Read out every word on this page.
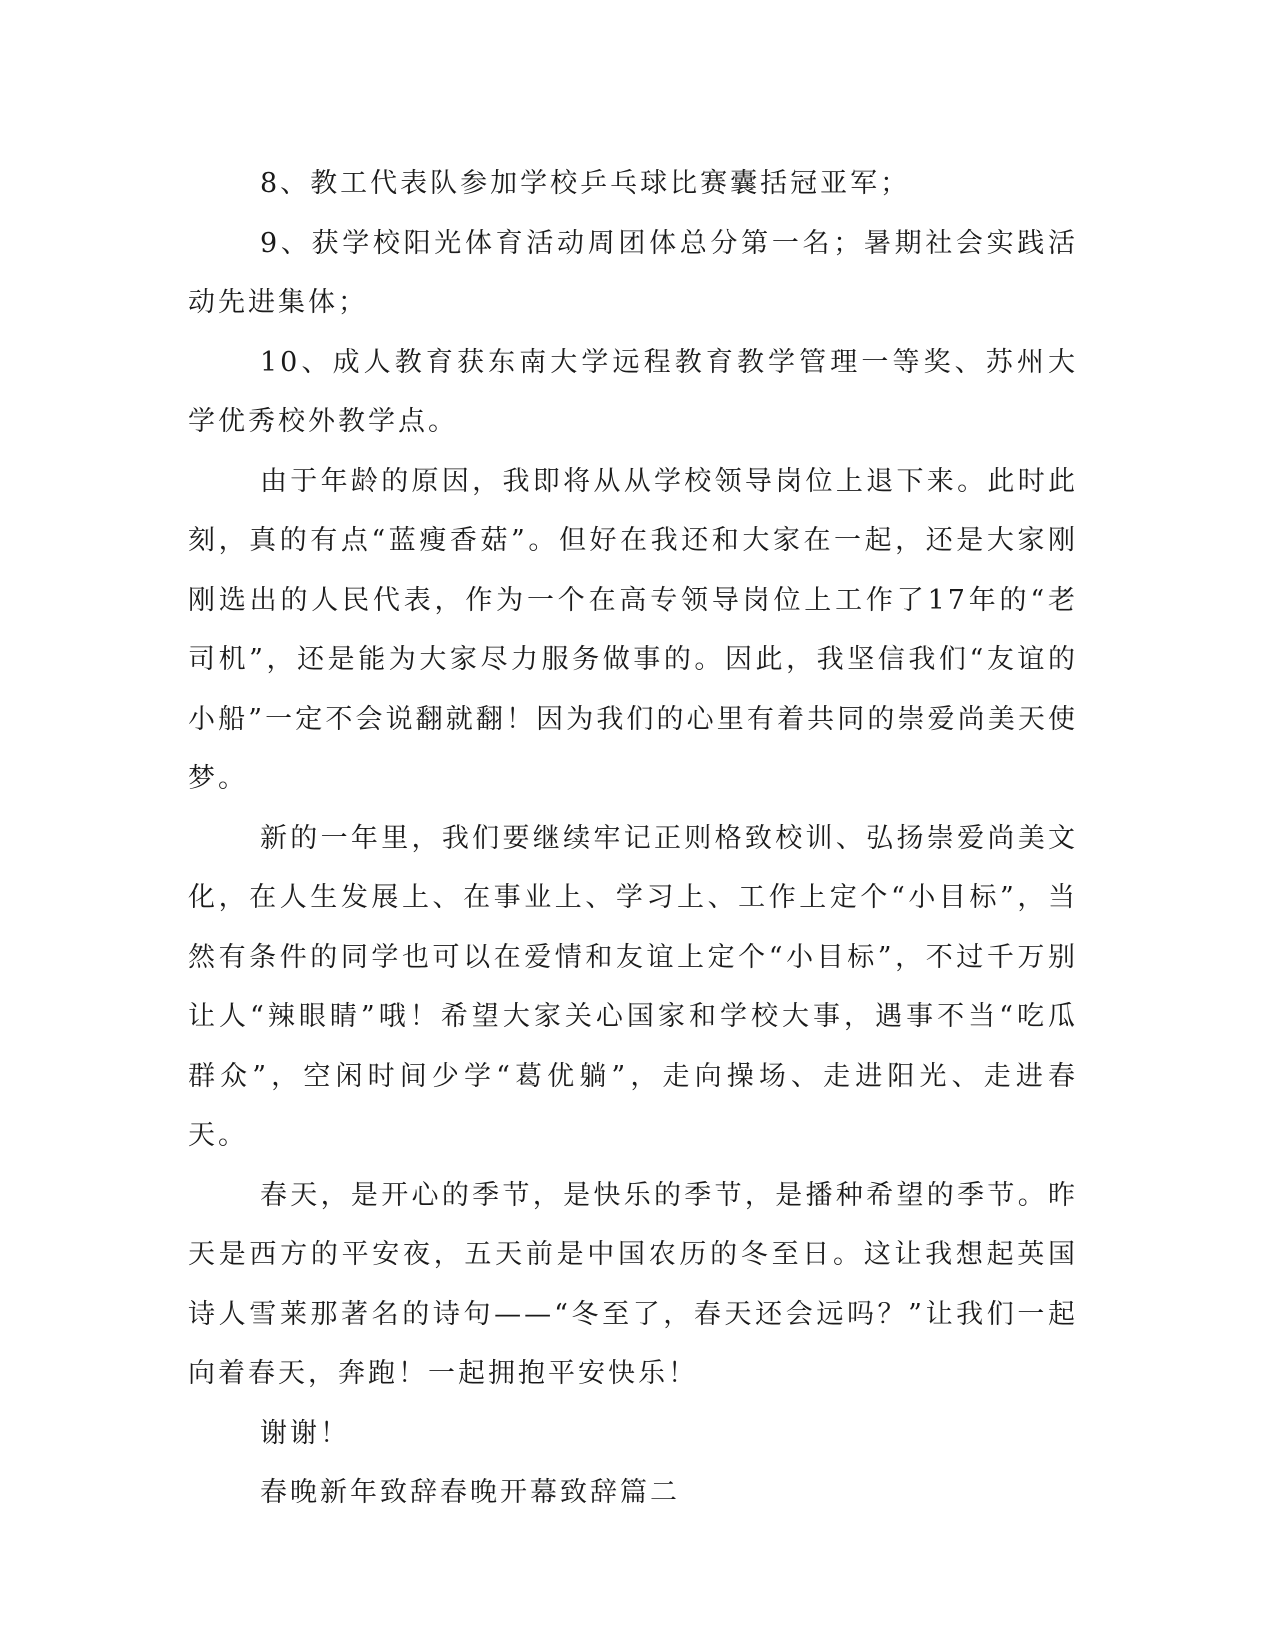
8、教工代表队参加学校乒乓球比赛囊括冠亚军；

9、获学校阳光体育活动周团体总分第一名；暑期社会实践活动先进集体；

10、成人教育获东南大学远程教育教学管理一等奖、苏州大学优秀校外教学点。

由于年龄的原因，我即将从从学校领导岗位上退下来。此时此刻，真的有点“蓝瘦香菇”。但好在我还和大家在一起，还是大家刚刚选出的人民代表，作为一个在高专领导岗位上工作了17年的“老司机”，还是能为大家尽力服务做事的。因此，我坚信我们“友谊的小船”一定不会说翻就翻！因为我们的心里有着共同的崇爱尚美天使梦。

新的一年里，我们要继续牢记正则格致校训、弘扬崇爱尚美文化，在人生发展上、在事业上、学习上、工作上定个“小目标”，当然有条件的同学也可以在爱情和友谊上定个“小目标”，不过千万别让人“辣眼睛”哦！希望大家关心国家和学校大事，遇事不当“吃瓜群众”，空闲时间少学“葛优躺”，走向操场、走进阳光、走进春天。

春天，是开心的季节，是快乐的季节，是播种希望的季节。昨天是西方的平安夜，五天前是中国农历的冬至日。这让我想起英国诗人雪莱那著名的诗句——“冬至了，春天还会远吗？”让我们一起向着春天，奔跑！一起拥抱平安快乐！

谢谢！

春晚新年致辞春晚开幕致辞篇二
